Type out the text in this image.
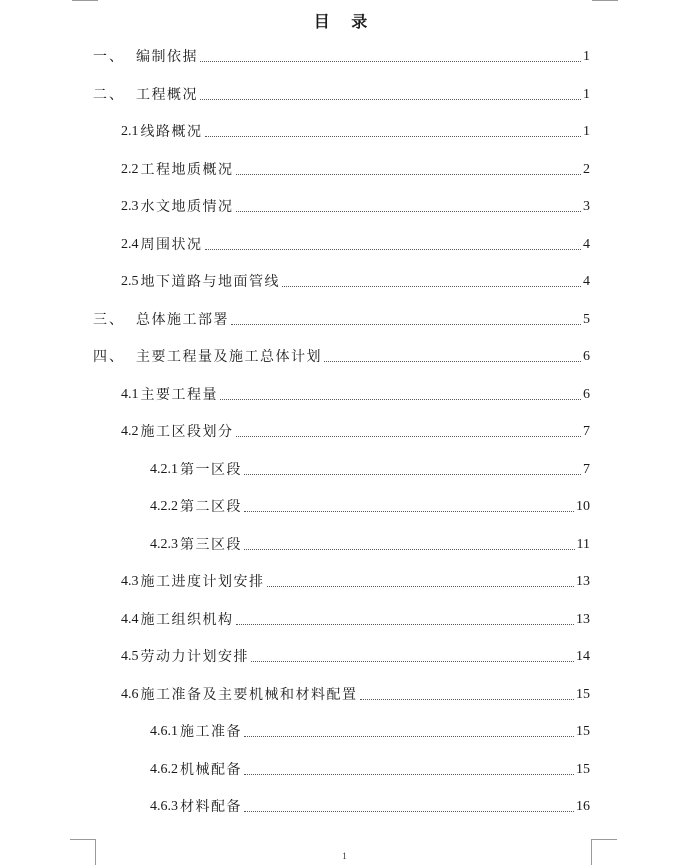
目 录
一、 编制依据	1
二、 工程概况	1
2.1 线路概况	1
2.2 工程地质概况	2
2.3 水文地质情况	3
2.4 周围状况	4
2.5 地下道路与地面管线	4
三、 总体施工部署	5
四、 主要工程量及施工总体计划	6
4.1 主要工程量	6
4.2 施工区段划分	7
4.2.1 第一区段	7
4.2.2 第二区段	10
4.2.3 第三区段	11
4.3 施工进度计划安排	13
4.4 施工组织机构	13
4.5 劳动力计划安排	14
4.6 施工准备及主要机械和材料配置	15
4.6.1 施工准备	15
4.6.2 机械配备	15
4.6.3 材料配备	16
1
